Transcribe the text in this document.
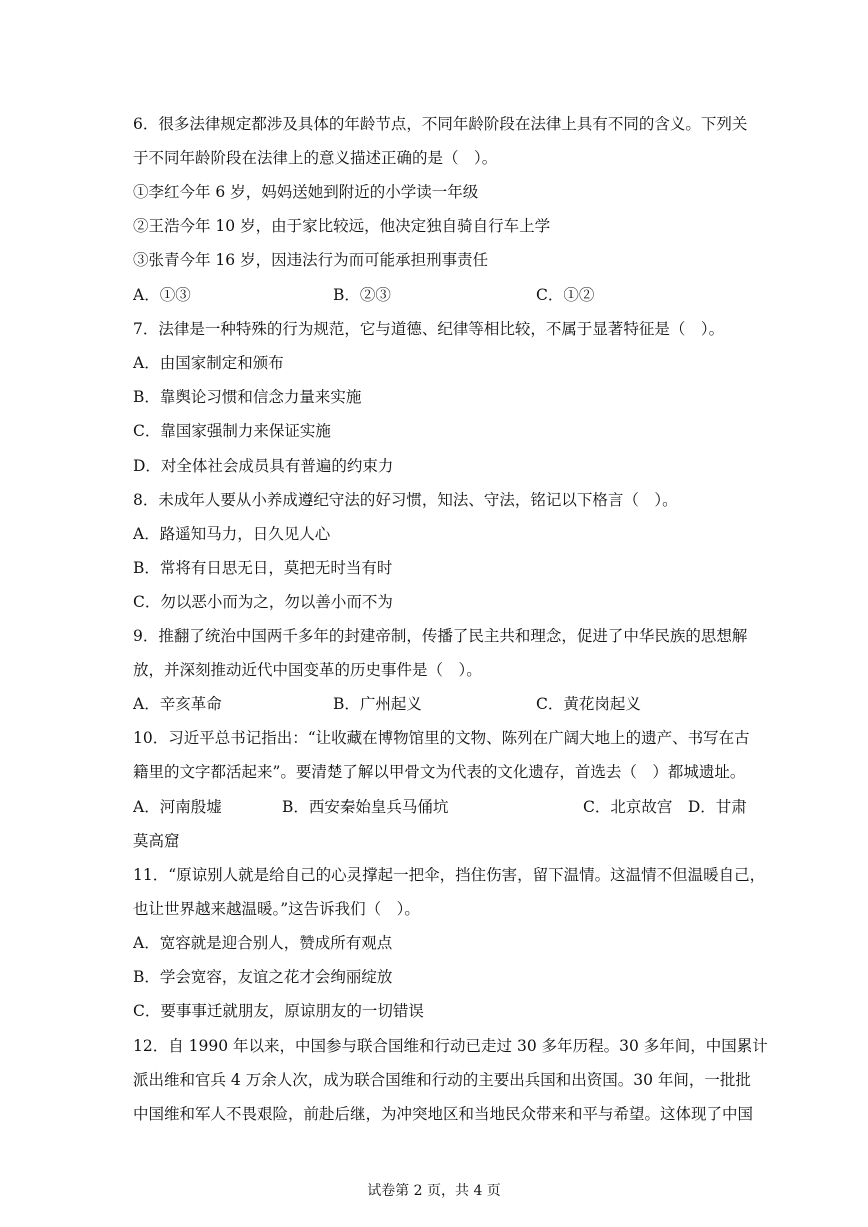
6．很多法律规定都涉及具体的年龄节点，不同年龄阶段在法律上具有不同的含义。下列关
于不同年龄阶段在法律上的意义描述正确的是（　）。
①李红今年 6 岁，妈妈送她到附近的小学读一年级
②王浩今年 10 岁，由于家比较远，他决定独自骑自行车上学
③张青今年 16 岁，因违法行为而可能承担刑事责任
A．①③	B．②③	C．①②
7．法律是一种特殊的行为规范，它与道德、纪律等相比较，不属于显著特征是（　）。
A．由国家制定和颁布
B．靠舆论习惯和信念力量来实施
C．靠国家强制力来保证实施
D．对全体社会成员具有普遍的约束力
8．未成年人要从小养成遵纪守法的好习惯，知法、守法，铭记以下格言（　）。
A．路遥知马力，日久见人心
B．常将有日思无日，莫把无时当有时
C．勿以恶小而为之，勿以善小而不为
9．推翻了统治中国两千多年的封建帝制，传播了民主共和理念，促进了中华民族的思想解
放，并深刻推动近代中国变革的历史事件是（　）。
A．辛亥革命	B．广州起义	C．黄花岗起义
10．习近平总书记指出：“让收藏在博物馆里的文物、陈列在广阔大地上的遗产、书写在古
籍里的文字都活起来”。要清楚了解以甲骨文为代表的文化遗存，首选去（　）都城遗址。
A．河南殷墟	B．西安秦始皇兵马俑坑	C．北京故宫　D．甘肃
莫高窟
11．“原谅别人就是给自己的心灵撑起一把伞，挡住伤害，留下温情。这温情不但温暖自己，
也让世界越来越温暖。”这告诉我们（　）。
A．宽容就是迎合别人，赞成所有观点
B．学会宽容，友谊之花才会绚丽绽放
C．要事事迁就朋友，原谅朋友的一切错误
12．自 1990 年以来，中国参与联合国维和行动已走过 30 多年历程。30 多年间，中国累计
派出维和官兵 4 万余人次，成为联合国维和行动的主要出兵国和出资国。30 年间，一批批
中国维和军人不畏艰险，前赴后继，为冲突地区和当地民众带来和平与希望。这体现了中国
试卷第 2 页，共 4 页
